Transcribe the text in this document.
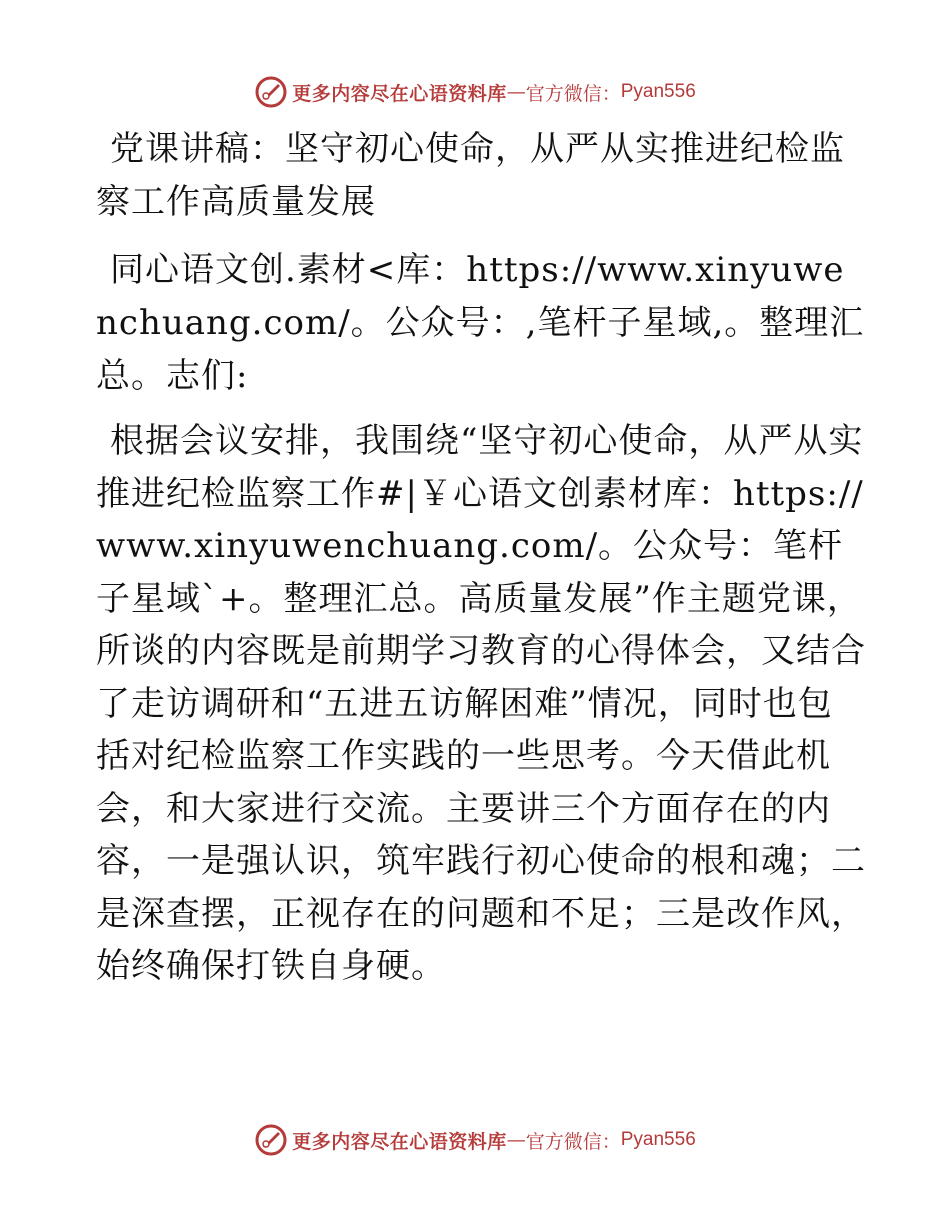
更多内容尽在心语资料库 — 官方微信： Pyan556

党课讲稿：坚守初心使命，从严从实推进纪检监察工作高质量发展

同心语文创.素材<库：https://www.xinyuwenchuang.com/。公众号：,笔杆子星域,。整理汇总。志们:

根据会议安排，我围绕“坚守初心使命，从严从实推进纪检监察工作#|￥心语文创素材库：https://www.xinyuwenchuang.com/。公众号：笔杆子星域`+。整理汇总。高质量发展”作主题党课，所谈的内容既是前期学习教育的心得体会，又结合了走访调研和“五进五访解困难”情况，同时也包括对纪检监察工作实践的一些思考。今天借此机会，和大家进行交流。主要讲三个方面存在的内容，一是强认识，筑牢践行初心使命的根和魂；二是深查摆，正视存在的问题和不足；三是改作风，始终确保打铁自身硬。

更多内容尽在心语资料库 — 官方微信： Pyan556
